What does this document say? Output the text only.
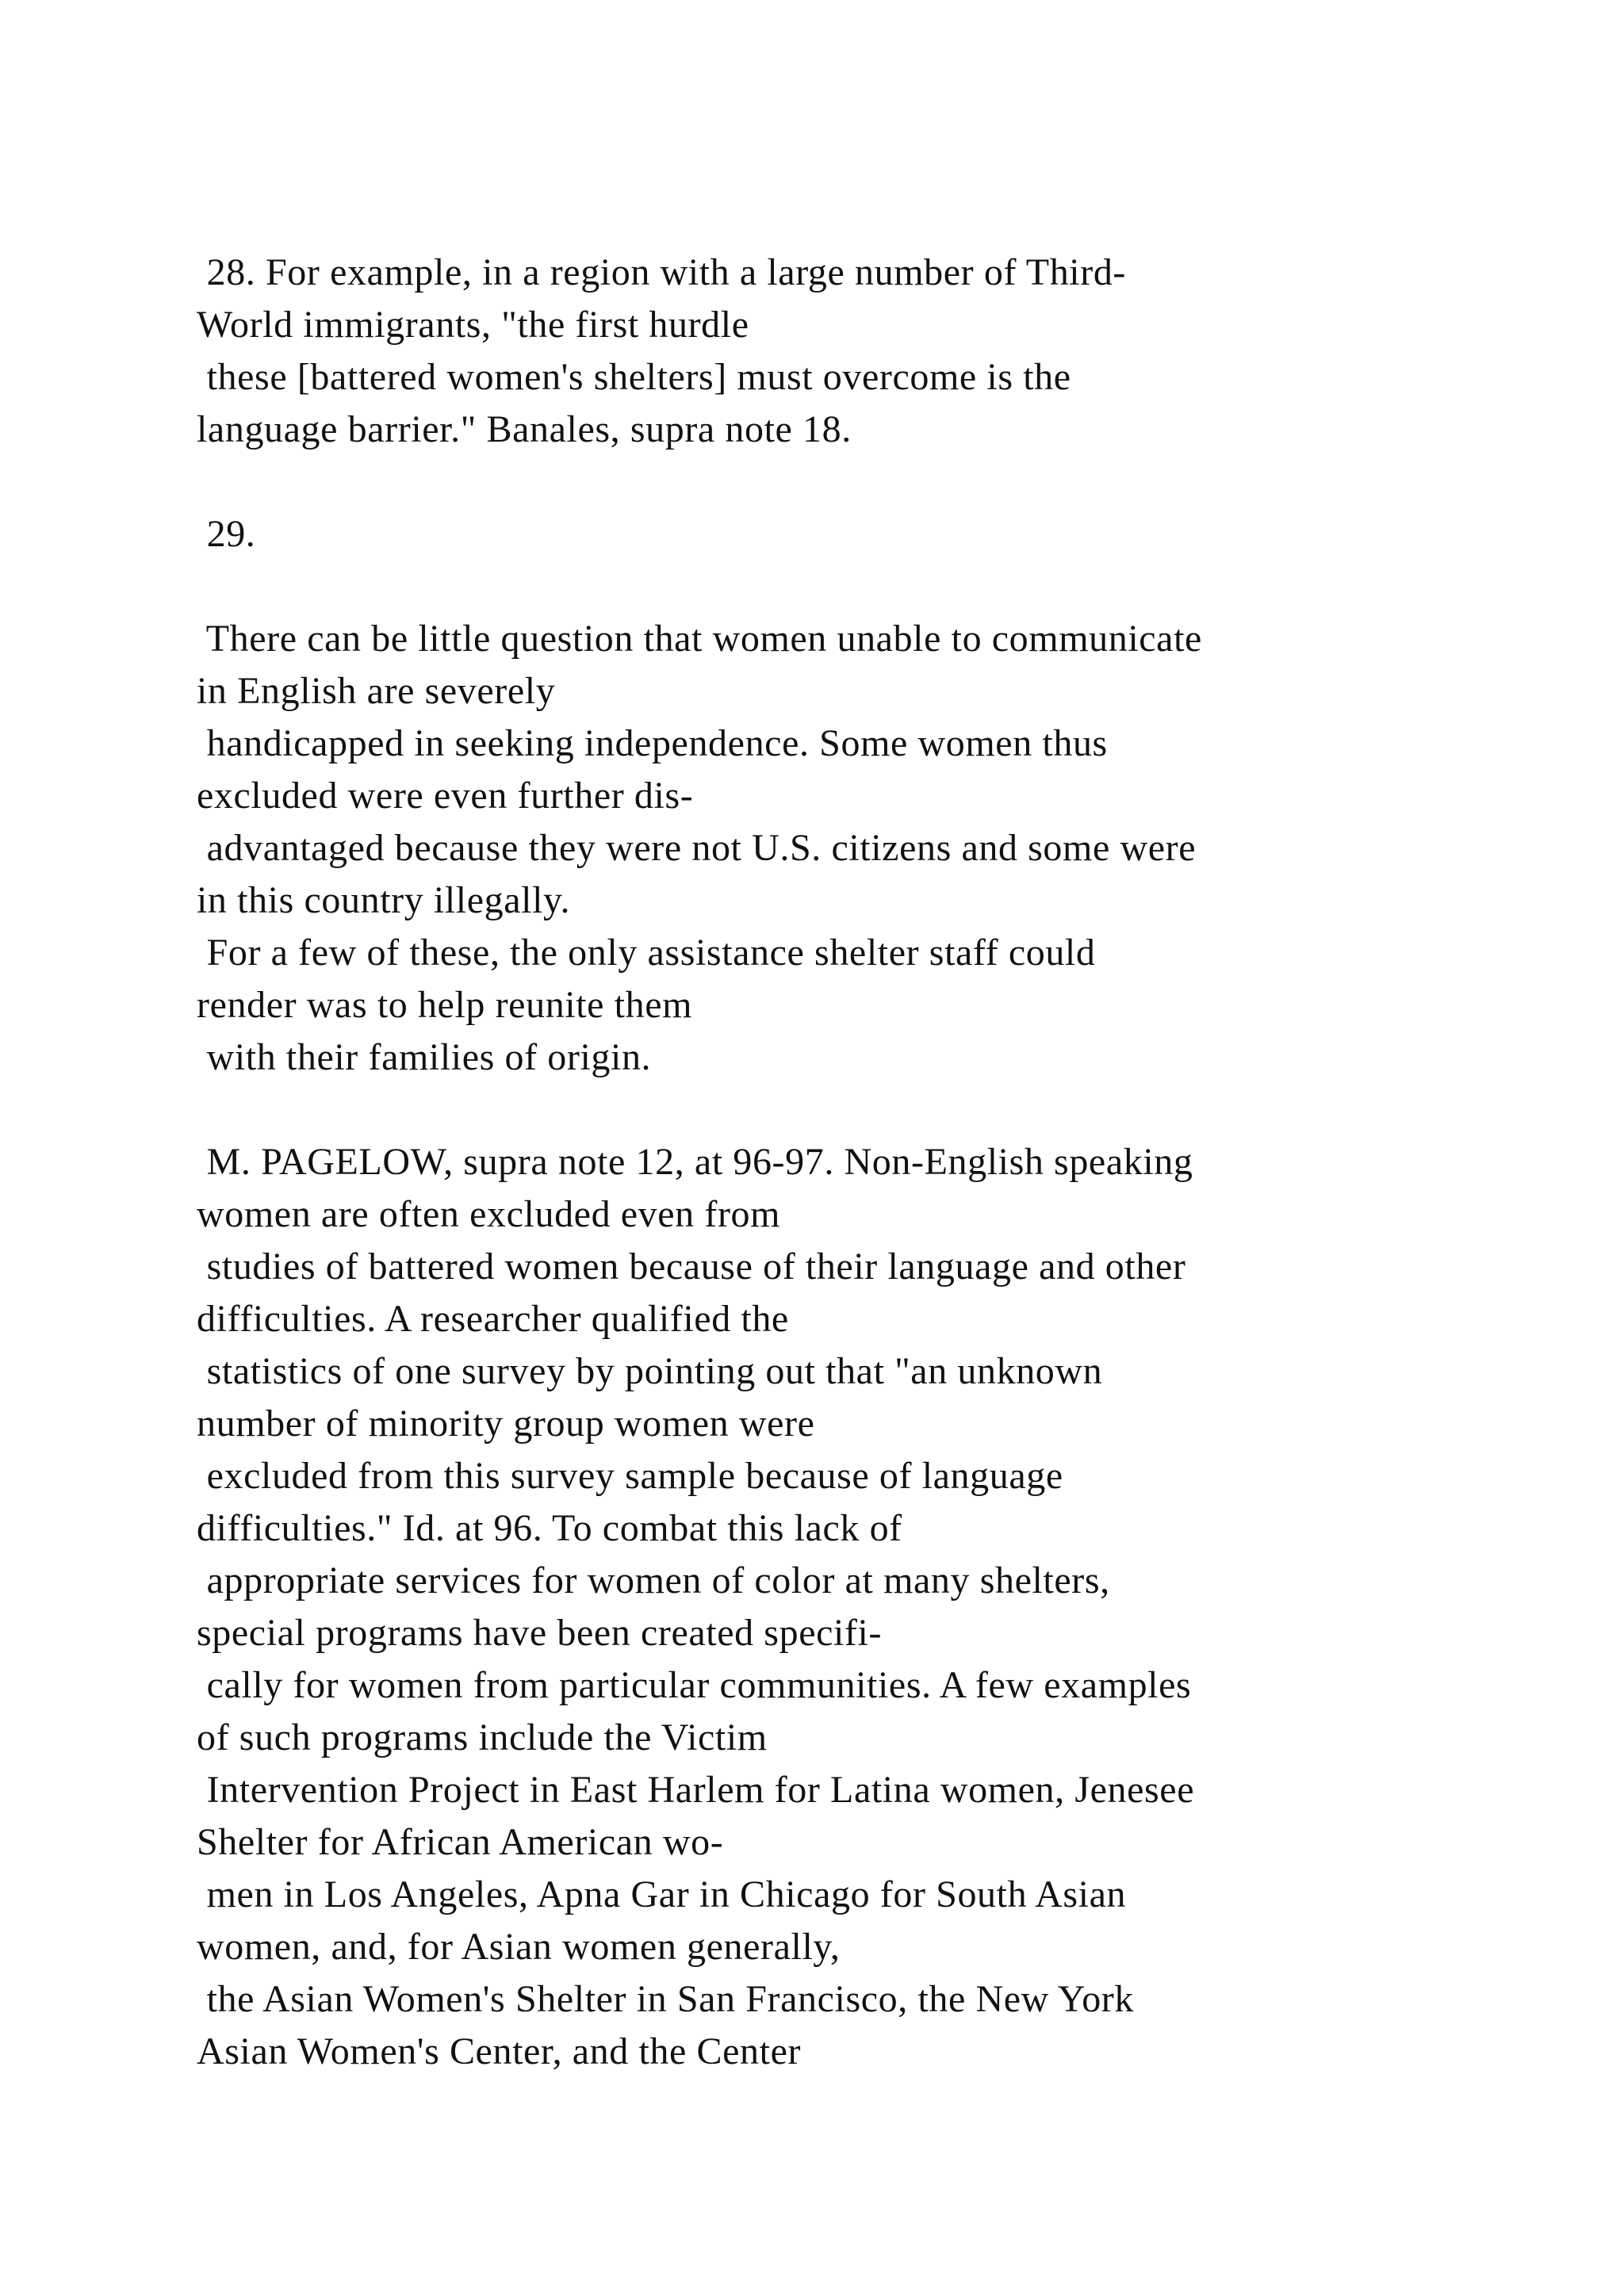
28. For example, in a region with a large number of Third-
World immigrants, "the first hurdle
these [battered women's shelters] must overcome is the
language barrier." Banales, supra note 18.
29.
There can be little question that women unable to communicate
in English are severely
handicapped in seeking independence. Some women thus
excluded were even further dis-
advantaged because they were not U.S. citizens and some were
in this country illegally.
For a few of these, the only assistance shelter staff could
render was to help reunite them
with their families of origin.
M. PAGELOW, supra note 12, at 96-97. Non-English speaking
women are often excluded even from
studies of battered women because of their language and other
difficulties. A researcher qualified the
statistics of one survey by pointing out that "an unknown
number of minority group women were
excluded from this survey sample because of language
difficulties." Id. at 96. To combat this lack of
appropriate services for women of color at many shelters,
special programs have been created specifi-
cally for women from particular communities. A few examples
of such programs include the Victim
Intervention Project in East Harlem for Latina women, Jenesee
Shelter for African American wo-
men in Los Angeles, Apna Gar in Chicago for South Asian
women, and, for Asian women generally,
the Asian Women's Shelter in San Francisco, the New York
Asian Women's Center, and the Center
